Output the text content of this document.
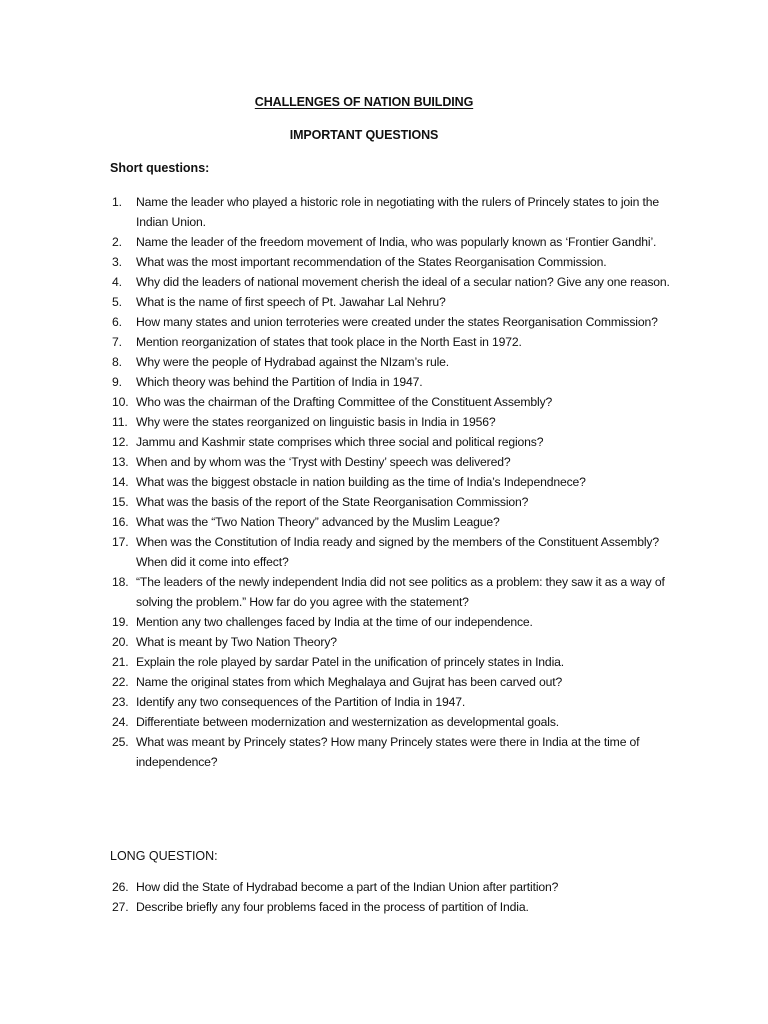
CHALLENGES OF NATION BUILDING
IMPORTANT QUESTIONS
Short questions:
1. Name the leader who played a historic role in negotiating with the rulers of Princely states to join the Indian Union.
2. Name the leader of the freedom movement of India, who was popularly known as ‘Frontier Gandhi’.
3. What was the most important recommendation of the States Reorganisation Commission.
4. Why did the leaders of national movement cherish the ideal of a secular nation? Give any one reason.
5. What is the name of first speech of Pt. Jawahar Lal Nehru?
6. How many states and union terroteries were created under the states Reorganisation Commission?
7. Mention reorganization of states that took place in the North East in 1972.
8. Why were the people of Hydrabad against the NIzam’s rule.
9. Which theory was behind the Partition of India in 1947.
10. Who was the chairman of the Drafting Committee of the Constituent Assembly?
11. Why were the states reorganized on linguistic basis in India in 1956?
12. Jammu and Kashmir state comprises which three social and political regions?
13. When and by whom was the ‘Tryst with Destiny’ speech was delivered?
14. What was the biggest obstacle in nation building as the time of India’s Independnece?
15. What was the basis of the report of the State Reorganisation Commission?
16. What was the “Two Nation Theory” advanced by the Muslim League?
17. When was the Constitution of India ready and signed by the members of the Constituent Assembly? When did it come into effect?
18. “The leaders of the newly independent India did not see politics as a problem: they saw it as a way of solving the problem.” How far do you agree with the statement?
19. Mention any two challenges faced by India at the time of our independence.
20. What is meant by Two Nation Theory?
21. Explain the role played by sardar Patel in the unification of princely states in India.
22. Name the original states from which Meghalaya and Gujrat has been carved out?
23. Identify any two consequences of the Partition of India in 1947.
24. Differentiate between modernization and westernization as developmental goals.
25. What was meant by Princely states? How many Princely states were there in India at the time of independence?
LONG QUESTION:
26. How did the State of Hydrabad become a part of the Indian Union after partition?
27. Describe briefly any four problems faced in the process of partition of India.
